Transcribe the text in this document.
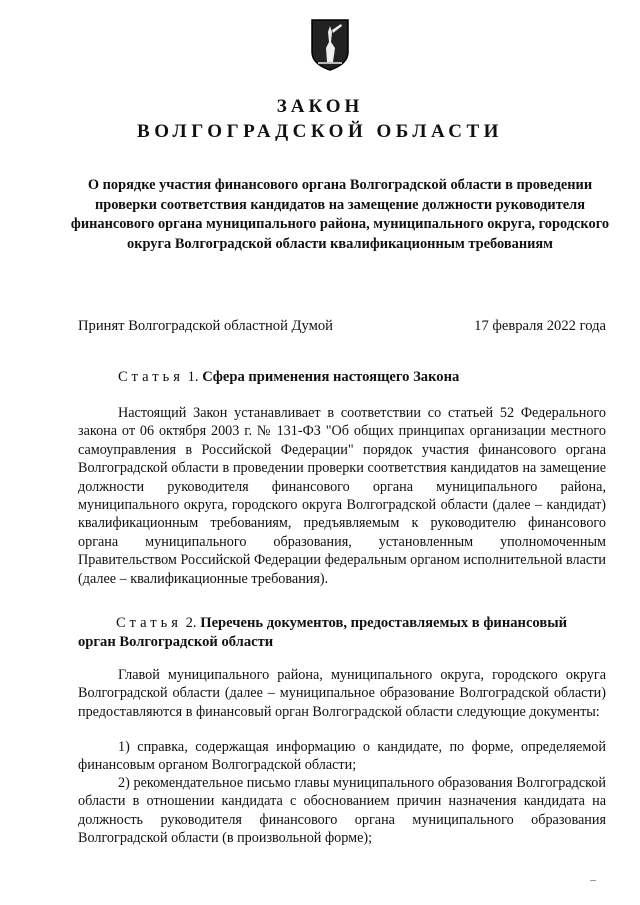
ЗАКОН
ВОЛГОГРАДСКОЙ ОБЛАСТИ
О порядке участия финансового органа Волгоградской области в проведении проверки соответствия кандидатов на замещение должности руководителя финансового органа муниципального района, муниципального округа, городского округа Волгоградской области квалификационным требованиям
Принят Волгоградской областной Думой	17 февраля 2022 года
Статья 1. Сфера применения настоящего Закона
Настоящий Закон устанавливает в соответствии со статьей 52 Федерального закона от 06 октября 2003 г. № 131-ФЗ "Об общих принципах организации местного самоуправления в Российской Федерации" порядок участия финансового органа Волгоградской области в проведении проверки соответствия кандидатов на замещение должности руководителя финансового органа муниципального района, муниципального округа, городского округа Волгоградской области (далее – кандидат) квалификационным требованиям, предъявляемым к руководителю финансового органа муниципального образования, установленным уполномоченным Правительством Российской Федерации федеральным органом исполнительной власти (далее – квалификационные требования).
Статья 2. Перечень документов, предоставляемых в финансовый орган Волгоградской области
Главой муниципального района, муниципального округа, городского округа Волгоградской области (далее – муниципальное образование Волгоградской области) предоставляются в финансовый орган Волгоградской области следующие документы:
1) справка, содержащая информацию о кандидате, по форме, определяемой финансовым органом Волгоградской области;
2) рекомендательное письмо главы муниципального образования Волгоградской области в отношении кандидата с обоснованием причин назначения кандидата на должность руководителя финансового органа муниципального образования Волгоградской области (в произвольной форме);
